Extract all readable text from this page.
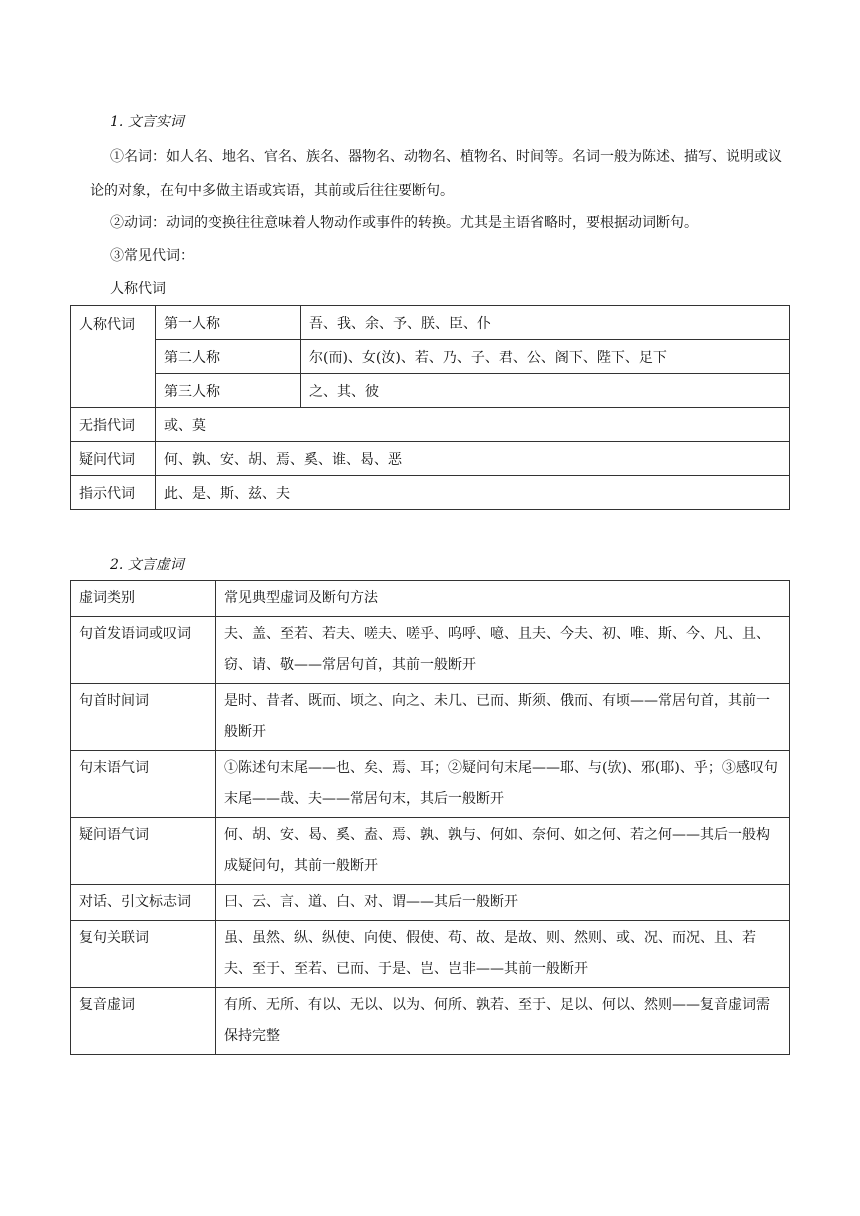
1. 文言实词
①名词：如人名、地名、官名、族名、器物名、动物名、植物名、时间等。名词一般为陈述、描写、说明或议论的对象，在句中多做主语或宾语，其前或后往往要断句。
②动词：动词的变换往往意味着人物动作或事件的转换。尤其是主语省略时，要根据动词断句。
③常见代词：
人称代词
人称代词	第一人称	吾、我、余、予、朕、臣、仆
	第二人称	尔(而)、女(汝)、若、乃、子、君、公、阁下、陛下、足下
	第三人称	之、其、彼
无指代词	或、莫	
疑问代词	何、孰、安、胡、焉、奚、谁、曷、恶	
指示代词	此、是、斯、兹、夫	
2. 文言虚词
虚词类别	常见典型虚词及断句方法
句首发语词或叹词	夫、盖、至若、若夫、嗟夫、嗟乎、呜呼、噫、且夫、今夫、初、唯、斯、今、凡、且、窃、请、敬——常居句首，其前一般断开
句首时间词	是时、昔者、既而、顷之、向之、未几、已而、斯须、俄而、有顷——常居句首，其前一般断开
句末语气词	①陈述句末尾——也、矣、焉、耳；②疑问句末尾——耶、与(欤)、邪(耶)、乎；③感叹句末尾——哉、夫——常居句末，其后一般断开
疑问语气词	何、胡、安、曷、奚、盍、焉、孰、孰与、何如、奈何、如之何、若之何——其后一般构成疑问句，其前一般断开
对话、引文标志词	曰、云、言、道、白、对、谓——其后一般断开
复句关联词	虽、虽然、纵、纵使、向使、假使、苟、故、是故、则、然则、或、况、而况、且、若夫、至于、至若、已而、于是、岂、岂非——其前一般断开
复音虚词	有所、无所、有以、无以、以为、何所、孰若、至于、足以、何以、然则——复音虚词需保持完整
